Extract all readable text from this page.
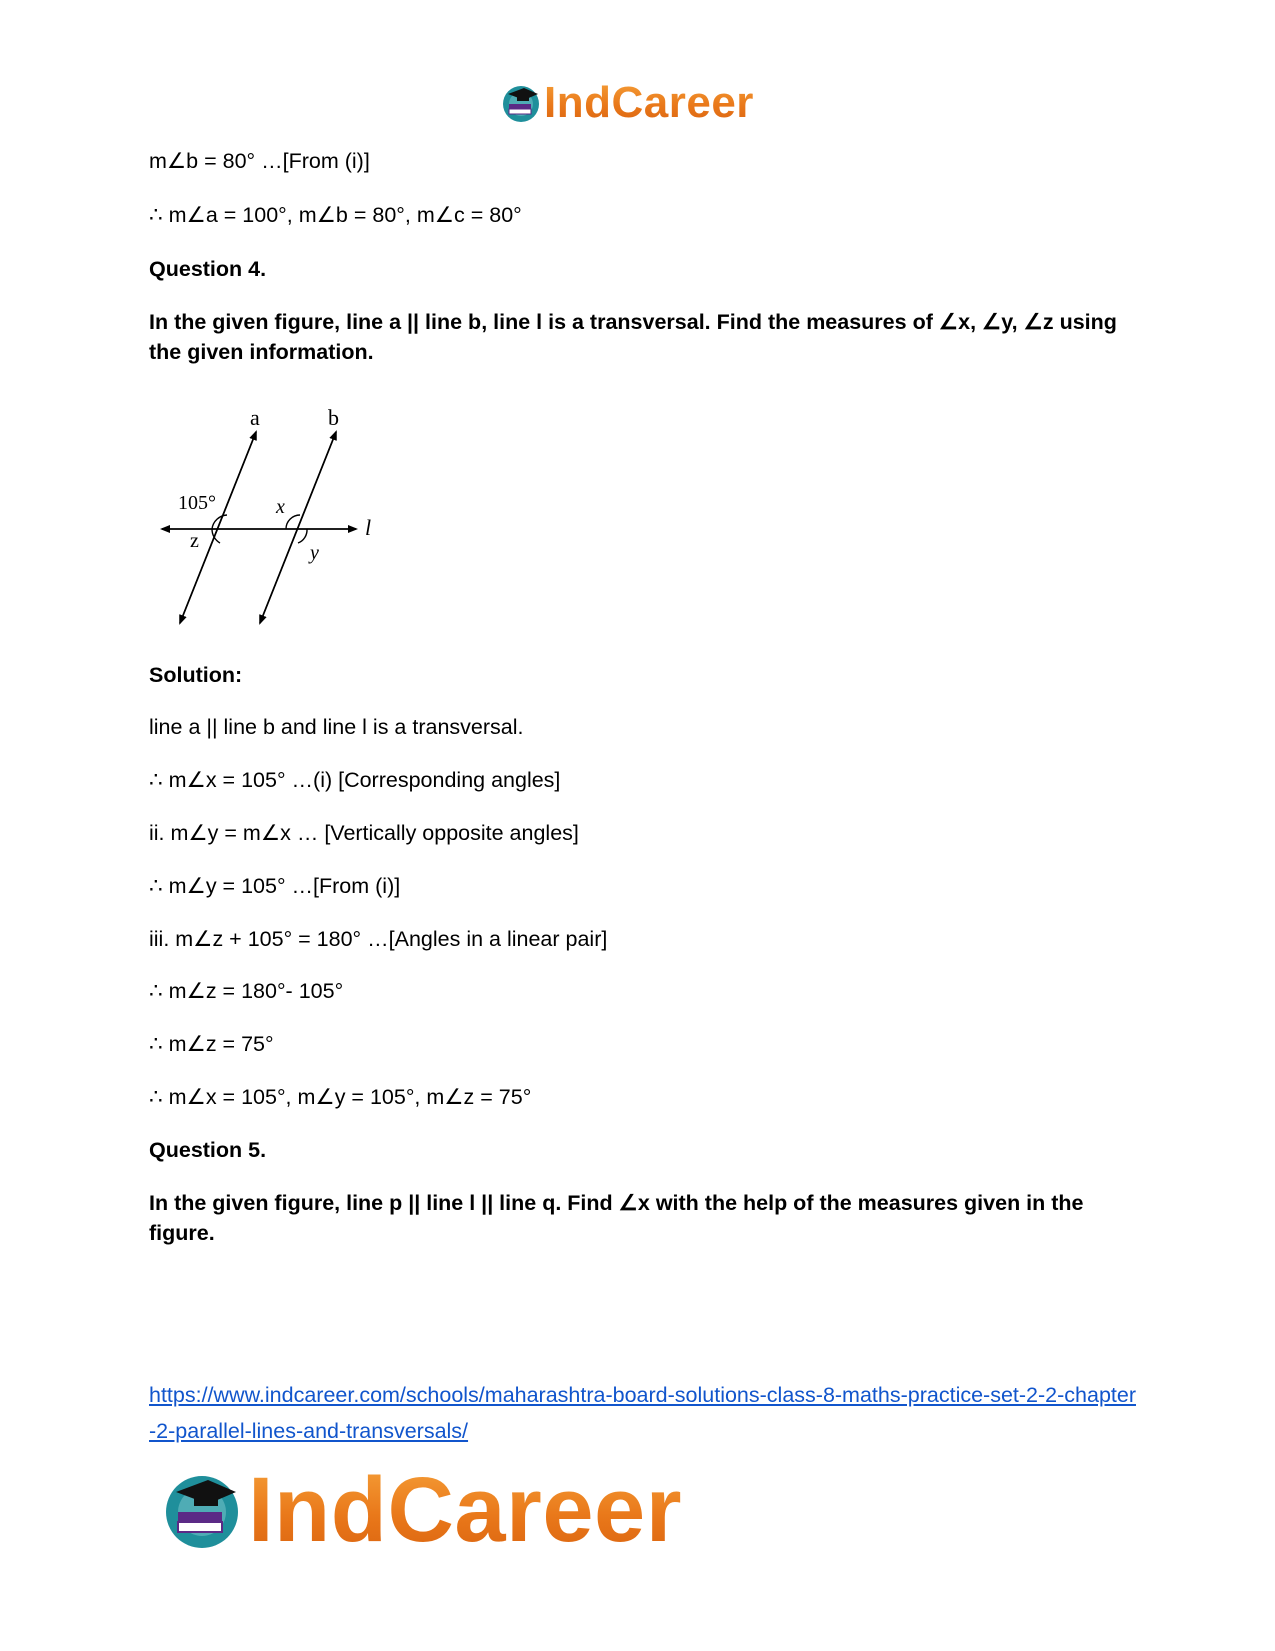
IndCareer
m∠b = 80° …[From (i)]
∴ m∠a = 100°, m∠b = 80°, m∠c = 80°
Question 4.
In the given figure, line a || line b, line l is a transversal. Find the measures of ∠x, ∠y, ∠z using the given information.
a	b
l
105°	x
z
y
Solution:
line a || line b and line l is a transversal.
∴ m∠x = 105° …(i) [Corresponding angles]
ii. m∠y = m∠x … [Vertically opposite angles]
∴ m∠y = 105° …[From (i)]
iii. m∠z + 105° = 180° …[Angles in a linear pair]
∴ m∠z = 180°- 105°
∴ m∠z = 75°
∴ m∠x = 105°, m∠y = 105°, m∠z = 75°
Question 5.
In the given figure, line p || line l || line q. Find ∠x with the help of the measures given in the figure.
https://www.indcareer.com/schools/maharashtra-board-solutions-class-8-maths-practice-set-2-2-chapter-2-parallel-lines-and-transversals/
IndCareer
